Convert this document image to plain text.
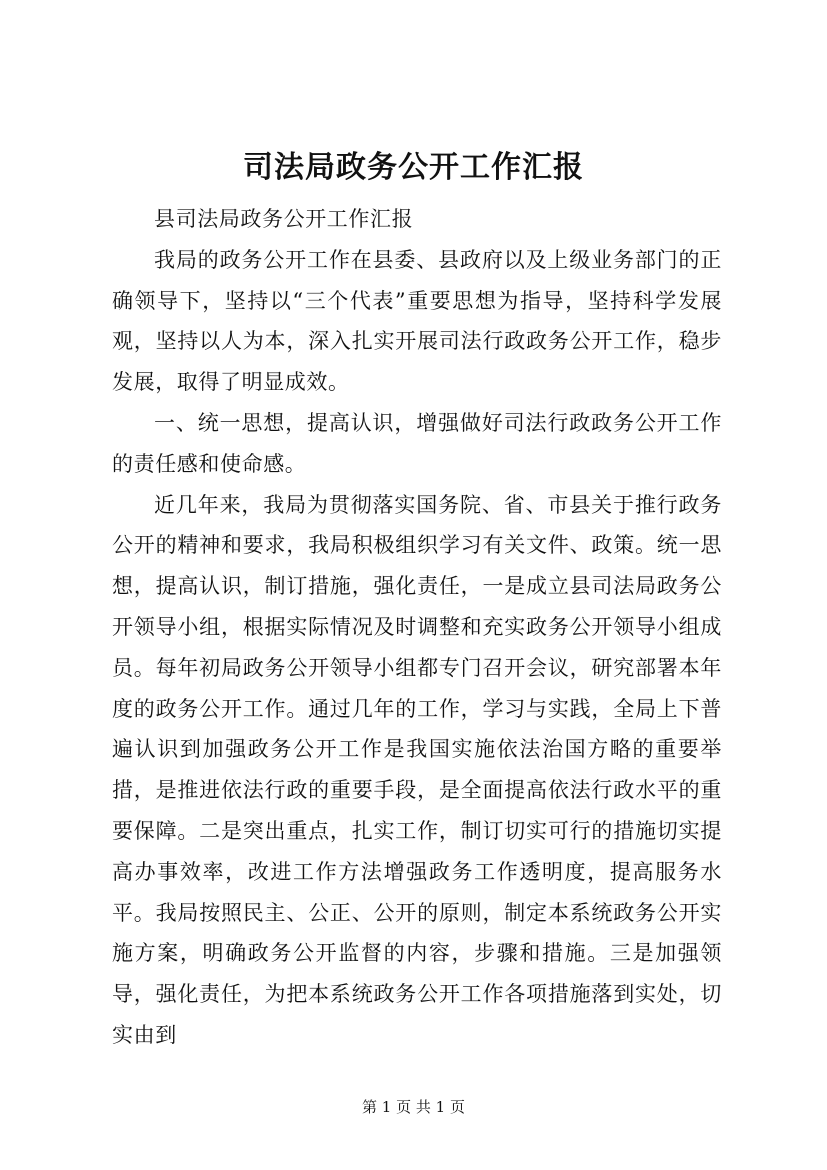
司法局政务公开工作汇报

县司法局政务公开工作汇报

我局的政务公开工作在县委、县政府以及上级业务部门的正确领导下，坚持以“三个代表”重要思想为指导，坚持科学发展观，坚持以人为本，深入扎实开展司法行政政务公开工作，稳步发展，取得了明显成效。

一、统一思想，提高认识，增强做好司法行政政务公开工作的责任感和使命感。

近几年来，我局为贯彻落实国务院、省、市县关于推行政务公开的精神和要求，我局积极组织学习有关文件、政策。统一思想，提高认识，制订措施，强化责任，一是成立县司法局政务公开领导小组，根据实际情况及时调整和充实政务公开领导小组成员。每年初局政务公开领导小组都专门召开会议，研究部署本年度的政务公开工作。通过几年的工作，学习与实践，全局上下普遍认识到加强政务公开工作是我国实施依法治国方略的重要举措，是推进依法行政的重要手段，是全面提高依法行政水平的重要保障。二是突出重点，扎实工作，制订切实可行的措施切实提高办事效率，改进工作方法增强政务工作透明度，提高服务水平。我局按照民主、公正、公开的原则，制定本系统政务公开实施方案，明确政务公开监督的内容，步骤和措施。三是加强领导，强化责任，为把本系统政务公开工作各项措施落到实处，切实由到

第 1 页 共 1 页
